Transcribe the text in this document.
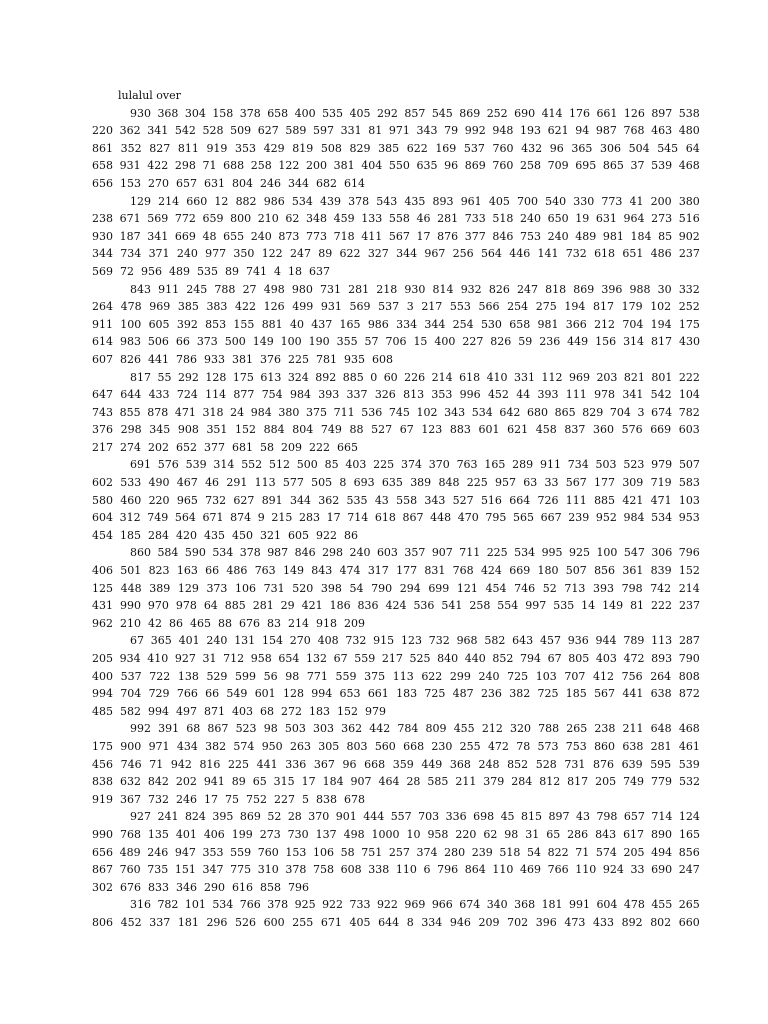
lulalul over
930 368 304 158 378 658 400 535 405 292 857 545 869 252 690 414 176 661 126 897 538
220 362 341 542 528 509 627 589 597 331 81 971 343 79 992 948 193 621 94 987 768 463 480
861 352 827 811 919 353 429 819 508 829 385 622 169 537 760 432 96 365 306 504 545 64
658 931 422 298 71 688 258 122 200 381 404 550 635 96 869 760 258 709 695 865 37 539 468
656 153 270 657 631 804 246 344 682 614
129 214 660 12 882 986 534 439 378 543 435 893 961 405 700 540 330 773 41 200 380
238 671 569 772 659 800 210 62 348 459 133 558 46 281 733 518 240 650 19 631 964 273 516
930 187 341 669 48 655 240 873 773 718 411 567 17 876 377 846 753 240 489 981 184 85 902
344 734 371 240 977 350 122 247 89 622 327 344 967 256 564 446 141 732 618 651 486 237
569 72 956 489 535 89 741 4 18 637
843 911 245 788 27 498 980 731 281 218 930 814 932 826 247 818 869 396 988 30 332
264 478 969 385 383 422 126 499 931 569 537 3 217 553 566 254 275 194 817 179 102 252
911 100 605 392 853 155 881 40 437 165 986 334 344 254 530 658 981 366 212 704 194 175
614 983 506 66 373 500 149 100 190 355 57 706 15 400 227 826 59 236 449 156 314 817 430
607 826 441 786 933 381 376 225 781 935 608
817 55 292 128 175 613 324 892 885 0 60 226 214 618 410 331 112 969 203 821 801 222
647 644 433 724 114 877 754 984 393 337 326 813 353 996 452 44 393 111 978 341 542 104
743 855 878 471 318 24 984 380 375 711 536 745 102 343 534 642 680 865 829 704 3 674 782
376 298 345 908 351 152 884 804 749 88 527 67 123 883 601 621 458 837 360 576 669 603
217 274 202 652 377 681 58 209 222 665
691 576 539 314 552 512 500 85 403 225 374 370 763 165 289 911 734 503 523 979 507
602 533 490 467 46 291 113 577 505 8 693 635 389 848 225 957 63 33 567 177 309 719 583
580 460 220 965 732 627 891 344 362 535 43 558 343 527 516 664 726 111 885 421 471 103
604 312 749 564 671 874 9 215 283 17 714 618 867 448 470 795 565 667 239 952 984 534 953
454 185 284 420 435 450 321 605 922 86
860 584 590 534 378 987 846 298 240 603 357 907 711 225 534 995 925 100 547 306 796
406 501 823 163 66 486 763 149 843 474 317 177 831 768 424 669 180 507 856 361 839 152
125 448 389 129 373 106 731 520 398 54 790 294 699 121 454 746 52 713 393 798 742 214
431 990 970 978 64 885 281 29 421 186 836 424 536 541 258 554 997 535 14 149 81 222 237
962 210 42 86 465 88 676 83 214 918 209
67 365 401 240 131 154 270 408 732 915 123 732 968 582 643 457 936 944 789 113 287
205 934 410 927 31 712 958 654 132 67 559 217 525 840 440 852 794 67 805 403 472 893 790
400 537 722 138 529 599 56 98 771 559 375 113 622 299 240 725 103 707 412 756 264 808
994 704 729 766 66 549 601 128 994 653 661 183 725 487 236 382 725 185 567 441 638 872
485 582 994 497 871 403 68 272 183 152 979
992 391 68 867 523 98 503 303 362 442 784 809 455 212 320 788 265 238 211 648 468
175 900 971 434 382 574 950 263 305 803 560 668 230 255 472 78 573 753 860 638 281 461
456 746 71 942 816 225 441 336 367 96 668 359 449 368 248 852 528 731 876 639 595 539
838 632 842 202 941 89 65 315 17 184 907 464 28 585 211 379 284 812 817 205 749 779 532
919 367 732 246 17 75 752 227 5 838 678
927 241 824 395 869 52 28 370 901 444 557 703 336 698 45 815 897 43 798 657 714 124
990 768 135 401 406 199 273 730 137 498 1000 10 958 220 62 98 31 65 286 843 617 890 165
656 489 246 947 353 559 760 153 106 58 751 257 374 280 239 518 54 822 71 574 205 494 856
867 760 735 151 347 775 310 378 758 608 338 110 6 796 864 110 469 766 110 924 33 690 247
302 676 833 346 290 616 858 796
316 782 101 534 766 378 925 922 733 922 969 966 674 340 368 181 991 604 478 455 265
806 452 337 181 296 526 600 255 671 405 644 8 334 946 209 702 396 473 433 892 802 660
